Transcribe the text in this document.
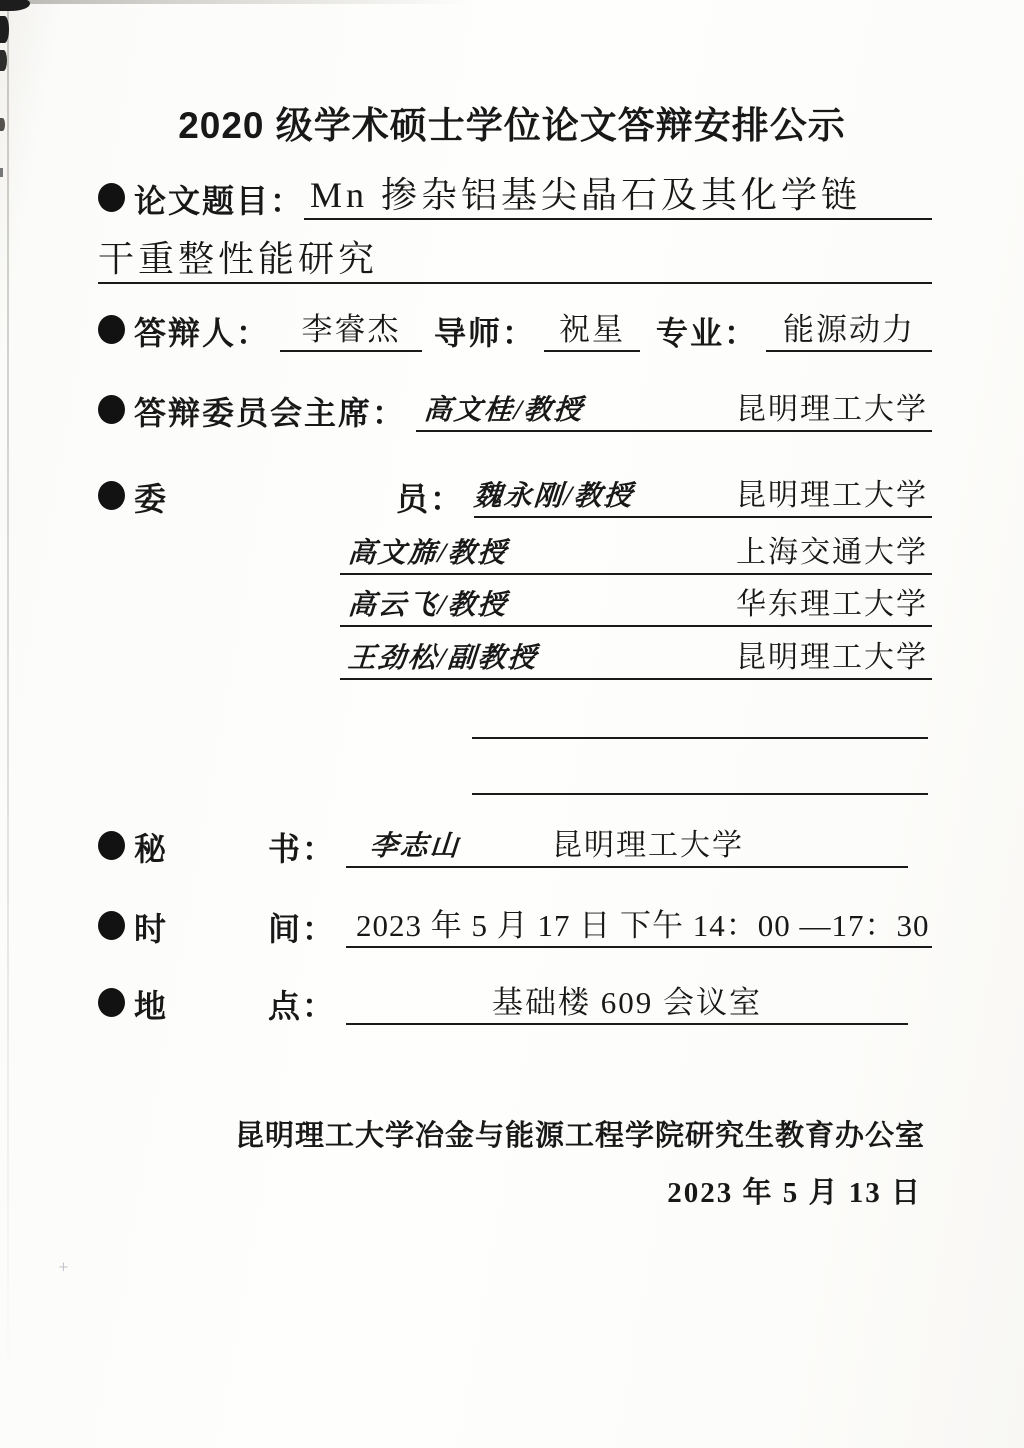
+
2020 级学术硕士学位论文答辩安排公示
论文题目： Mn 掺杂铝基尖晶石及其化学链
干重整性能研究
答辩人： 李睿杰 导师： 祝星 专业： 能源动力
答辩委员会主席： 高文桂/教授	昆明理工大学
委	员： 魏永刚/教授	昆明理工大学
高文旆/教授	上海交通大学
高云飞/教授	华东理工大学
王劲松/副教授	昆明理工大学
秘	书： 李志山	昆明理工大学
时	间： 2023 年 5 月 17 日 下午 14：00 —17：30
地	点：	基础楼 609 会议室
昆明理工大学冶金与能源工程学院研究生教育办公室
2023 年 5 月 13 日
